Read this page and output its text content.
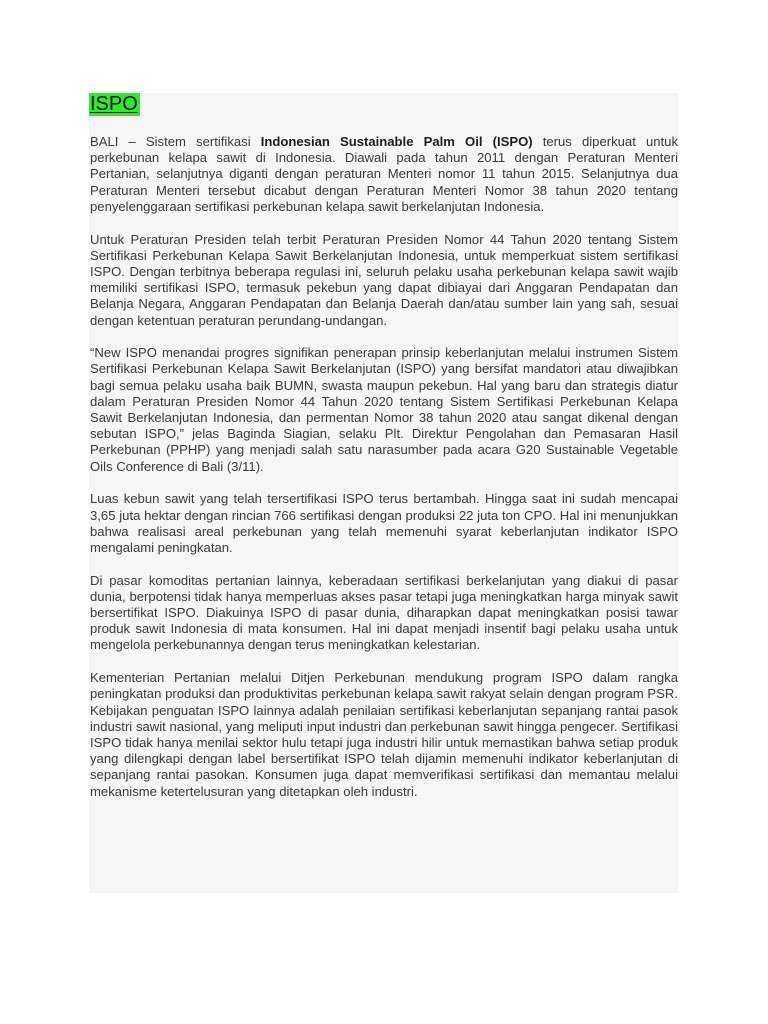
ISPO

BALI – Sistem sertifikasi Indonesian Sustainable Palm Oil (ISPO) terus diperkuat untuk perkebunan kelapa sawit di Indonesia. Diawali pada tahun 2011 dengan Peraturan Menteri Pertanian, selanjutnya diganti dengan peraturan Menteri nomor 11 tahun 2015. Selanjutnya dua Peraturan Menteri tersebut dicabut dengan Peraturan Menteri Nomor 38 tahun 2020 tentang penyelenggaraan sertifikasi perkebunan kelapa sawit berkelanjutan Indonesia.

Untuk Peraturan Presiden telah terbit Peraturan Presiden Nomor 44 Tahun 2020 tentang Sistem Sertifikasi Perkebunan Kelapa Sawit Berkelanjutan Indonesia, untuk memperkuat sistem sertifikasi ISPO. Dengan terbitnya beberapa regulasi ini, seluruh pelaku usaha perkebunan kelapa sawit wajib memiliki sertifikasi ISPO, termasuk pekebun yang dapat dibiayai dari Anggaran Pendapatan dan Belanja Negara, Anggaran Pendapatan dan Belanja Daerah dan/atau sumber lain yang sah, sesuai dengan ketentuan peraturan perundang-undangan.

“New ISPO menandai progres signifikan penerapan prinsip keberlanjutan melalui instrumen Sistem Sertifikasi Perkebunan Kelapa Sawit Berkelanjutan (ISPO) yang bersifat mandatori atau diwajibkan bagi semua pelaku usaha baik BUMN, swasta maupun pekebun. Hal yang baru dan strategis diatur dalam Peraturan Presiden Nomor 44 Tahun 2020 tentang Sistem Sertifikasi Perkebunan Kelapa Sawit Berkelanjutan Indonesia, dan permentan Nomor 38 tahun 2020 atau sangat dikenal dengan sebutan ISPO,” jelas Baginda Siagian, selaku Plt. Direktur Pengolahan dan Pemasaran Hasil Perkebunan (PPHP) yang menjadi salah satu narasumber pada acara G20 Sustainable Vegetable Oils Conference di Bali (3/11).

Luas kebun sawit yang telah tersertifikasi ISPO terus bertambah. Hingga saat ini sudah mencapai 3,65 juta hektar dengan rincian 766 sertifikasi dengan produksi 22 juta ton CPO. Hal ini menunjukkan bahwa realisasi areal perkebunan yang telah memenuhi syarat keberlanjutan indikator ISPO mengalami peningkatan.

Di pasar komoditas pertanian lainnya, keberadaan sertifikasi berkelanjutan yang diakui di pasar dunia, berpotensi tidak hanya memperluas akses pasar tetapi juga meningkatkan harga minyak sawit bersertifikat ISPO. Diakuinya ISPO di pasar dunia, diharapkan dapat meningkatkan posisi tawar produk sawit Indonesia di mata konsumen. Hal ini dapat menjadi insentif bagi pelaku usaha untuk mengelola perkebunannya dengan terus meningkatkan kelestarian.

Kementerian Pertanian melalui Ditjen Perkebunan mendukung program ISPO dalam rangka peningkatan produksi dan produktivitas perkebunan kelapa sawit rakyat selain dengan program PSR. Kebijakan penguatan ISPO lainnya adalah penilaian sertifikasi keberlanjutan sepanjang rantai pasok industri sawit nasional, yang meliputi input industri dan perkebunan sawit hingga pengecer. Sertifikasi ISPO tidak hanya menilai sektor hulu tetapi juga industri hilir untuk memastikan bahwa setiap produk yang dilengkapi dengan label bersertifikat ISPO telah dijamin memenuhi indikator keberlanjutan di sepanjang rantai pasokan. Konsumen juga dapat memverifikasi sertifikasi dan memantau melalui mekanisme ketertelusuran yang ditetapkan oleh industri.
